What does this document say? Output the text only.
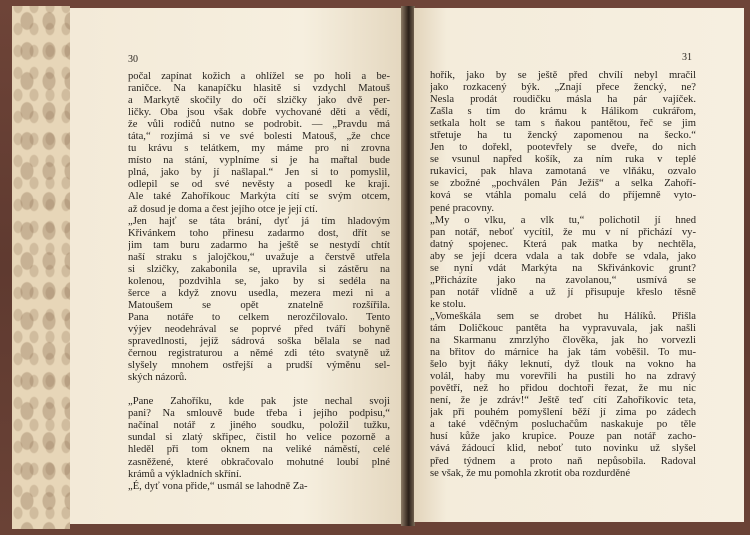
30
počal zapínat kožich a ohlížel se po holi a be-
raničce. Na kanapíčku hlasitě si vzdychl Matouš
a Markytě skočily do očí slzičky jako dvě per-
ličky. Oba jsou však dobře vychované děti a vědí,
že vůli rodičů nutno se podrobit. — „Pravdu má
táta,“ rozjímá si ve své bolesti Matouš, „že chce
tu krávu s telátkem, my máme pro ni zrovna
místo na stání, vyplníme si je ha mařtal bude
plná, jako by jí našlapal.“ Jen si to pomyslil,
odlepil se od své nevěsty a posedl ke kraji.
Ale také Zahoříkouc Markýta cítí se svým otcem,
až dosud je doma a čest jejího otce je její ctí.
„Jen hajť se táta brání, dyť já tím hladovým
Křivánkem toho přinesu zadarmo dost, dřít se
jim tam buru zadarmo ha ještě se nestydí chtít
naší straku s jalojčkou,“ uvažuje a čerstvě utřela
si slzičky, zakabonila se, upravila si zástěru na
kolenou, pozdvihla se, jako by si sedéla na
šerce a když znovu usedla, mezera mezi ni a
Matoušem se opět znatelně rozšířila.
Pana notáře to celkem nerozčilovalo. Tento
výjev neodehrával se poprvé před tváří bohyně
spravedlnosti, jejíž sádrová soška bělala se nad
černou registraturou a němé zdi této svatyně už
slyšely mnohem ostřejší a prudší výměnu sel-
ských názorů.
„Pane Zahoříku, kde pak jste nechal svoji
pani? Na smlouvě bude třeba i jejího podpisu,“
načínal notář z jiného soudku, položil tužku,
sundal si zlatý skřipec, čistil ho velice pozorně a
hleděl při tom oknem na veliké náměstí, celé
zasněžené, které obkračovalo mohutné loubí plné
krámů a výkladních skříní.
„É, dyť vona přide,“ usmál se lahodně Za-
31
hořík, jako by se ještě před chvílí nebyl mračil
jako rozkacený býk. „Znají přece žencký, ne?
Nesla prodát roudičku másla ha pár vajíček.
Zašla s tím do krámu k Hálikom cukrářom,
setkala holt se tam s ňakou pantětou, řeč se jim
střetuje ha tu žencký zapomenou na šecko.“
Jen to dořekl, pootevřely se dveře, do nich
se vsunul napřed košík, za ním ruka v teplé
rukavici, pak hlava zamotaná ve vlňáku, ozvalo
se zbožné „pochválen Pán Ježíš“ a selka Zahoří-
ková se vtáhla pomalu celá do příjemně vyto-
pené pracovny.
„My o vlku, a vlk tu,“ polichotil jí hned
pan notář, neboť vycítil, že mu v ní přichází vy-
datný spojenec. Která pak matka by nechtěla,
aby se její dcera vdala a tak dobře se vdala, jako
se nyní vdát Markýta na Skřivánkovic grunt?
„Přicházíte jako na zavolanou,“ usmívá se
pan notář vlídně a už jí přisupuje křeslo těsně
ke stolu.
„Vomeškála sem se drobet hu Hálíků. Přišla
tám Doličkouc pantěta ha vypravuvala, jak našli
na Skarmanu zmrzlýho člověka, jak ho vorvezli
na břitov do márnice ha jak tám voběšil. To mu-
šelo byjt ňáky leknutí, dyž tlouk na vokno ha
volál, haby mu vorevřili ha pustili ho na zdravý
povětří, než ho přidou dochtoři řezat, že mu nic
není, že je zdráv!“ Ještě teď cítí Zahoříkovic teta,
jak při pouhém pomyšlení běží jí zima po zádech
a také vděčným posluchačům naskakuje po těle
husí kůže jako krupice. Pouze pan notář zacho-
vává žádoucí klid, neboť tuto novinku už slyšel
před týdnem a proto naň nepůsobila. Radoval
se však, že mu pomohla zkrotit oba rozdurděné
